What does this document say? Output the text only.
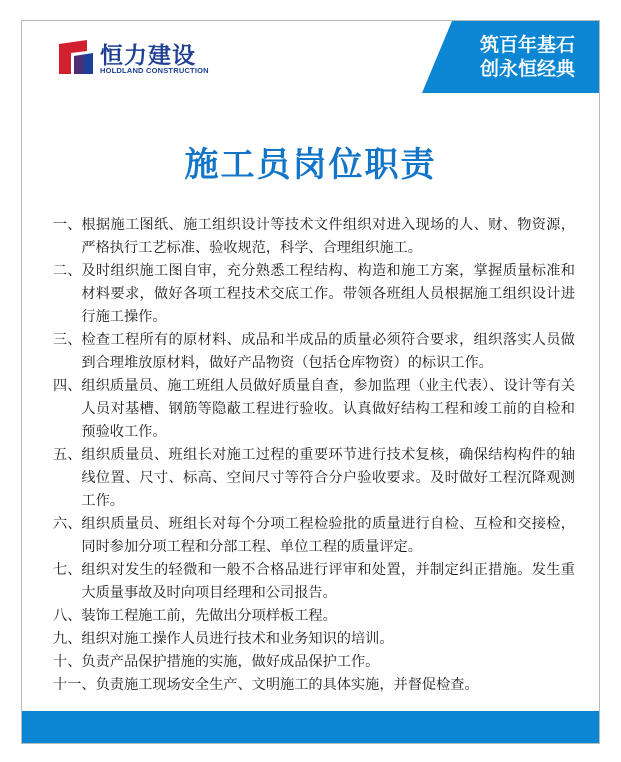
恒力建设
HOLDLAND CONSTRUCTION
筑百年基石
创永恒经典
施工员岗位职责
一、 根据施工图纸、施工组织设计等技术文件组织对进入现场的人、财、物资源，严格执行工艺标准、验收规范，科学、合理组织施工。
二、 及时组织施工图自审，充分熟悉工程结构、构造和施工方案，掌握质量标准和材料要求，做好各项工程技术交底工作。带领各班组人员根据施工组织设计进行施工操作。
三、 检查工程所有的原材料、成品和半成品的质量必须符合要求，组织落实人员做到合理堆放原材料，做好产品物资（包括仓库物资）的标识工作。
四、 组织质量员、施工班组人员做好质量自查，参加监理（业主代表）、设计等有关人员对基槽、钢筋等隐蔽工程进行验收。认真做好结构工程和竣工前的自检和预验收工作。
五、 组织质量员、班组长对施工过程的重要环节进行技术复核，确保结构构件的轴线位置、尺寸、标高、空间尺寸等符合分户验收要求。及时做好工程沉降观测工作。
六、 组织质量员、班组长对每个分项工程检验批的质量进行自检、互检和交接检，同时参加分项工程和分部工程、单位工程的质量评定。
七、 组织对发生的轻微和一般不合格品进行评审和处置，并制定纠正措施。发生重大质量事故及时向项目经理和公司报告。
八、 装饰工程施工前，先做出分项样板工程。
九、 组织对施工操作人员进行技术和业务知识的培训。
十、 负责产品保护措施的实施，做好成品保护工作。
十一、 负责施工现场安全生产、文明施工的具体实施，并督促检查。
